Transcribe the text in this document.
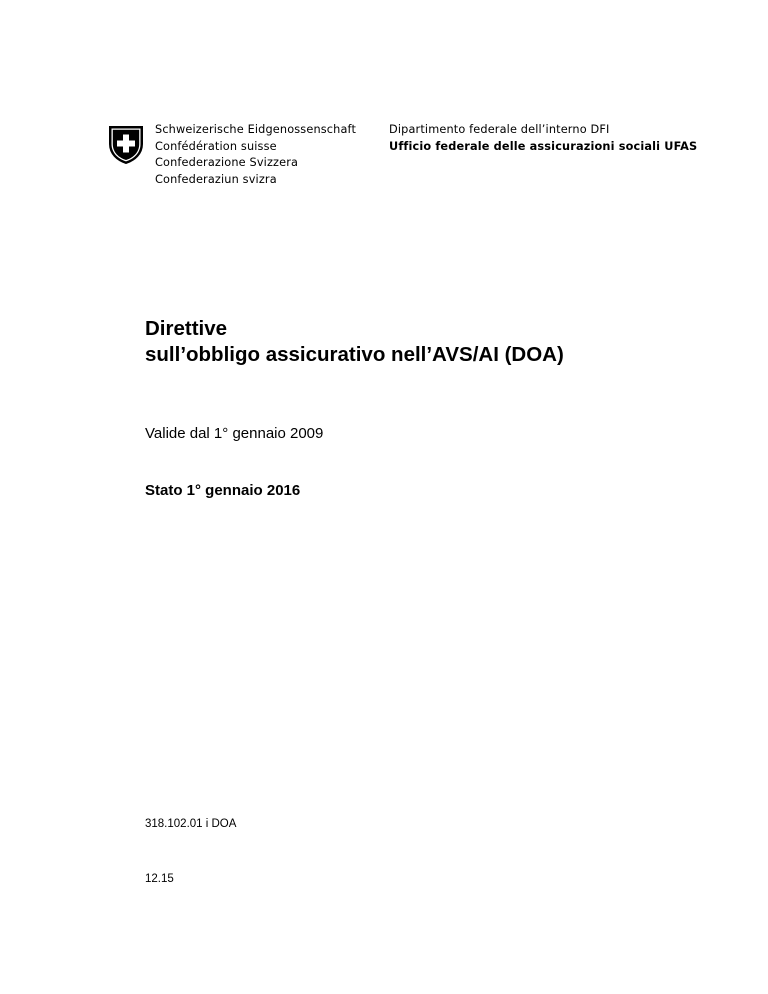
Schweizerische Eidgenossenschaft
Confédération suisse
Confederazione Svizzera
Confederaziun svizra
Dipartimento federale dell’interno DFI
Ufficio federale delle assicurazioni sociali UFAS
Direttive
sull’obbligo assicurativo nell’AVS/AI (DOA)
Valide dal 1° gennaio 2009
Stato 1° gennaio 2016
318.102.01 i DOA
12.15
